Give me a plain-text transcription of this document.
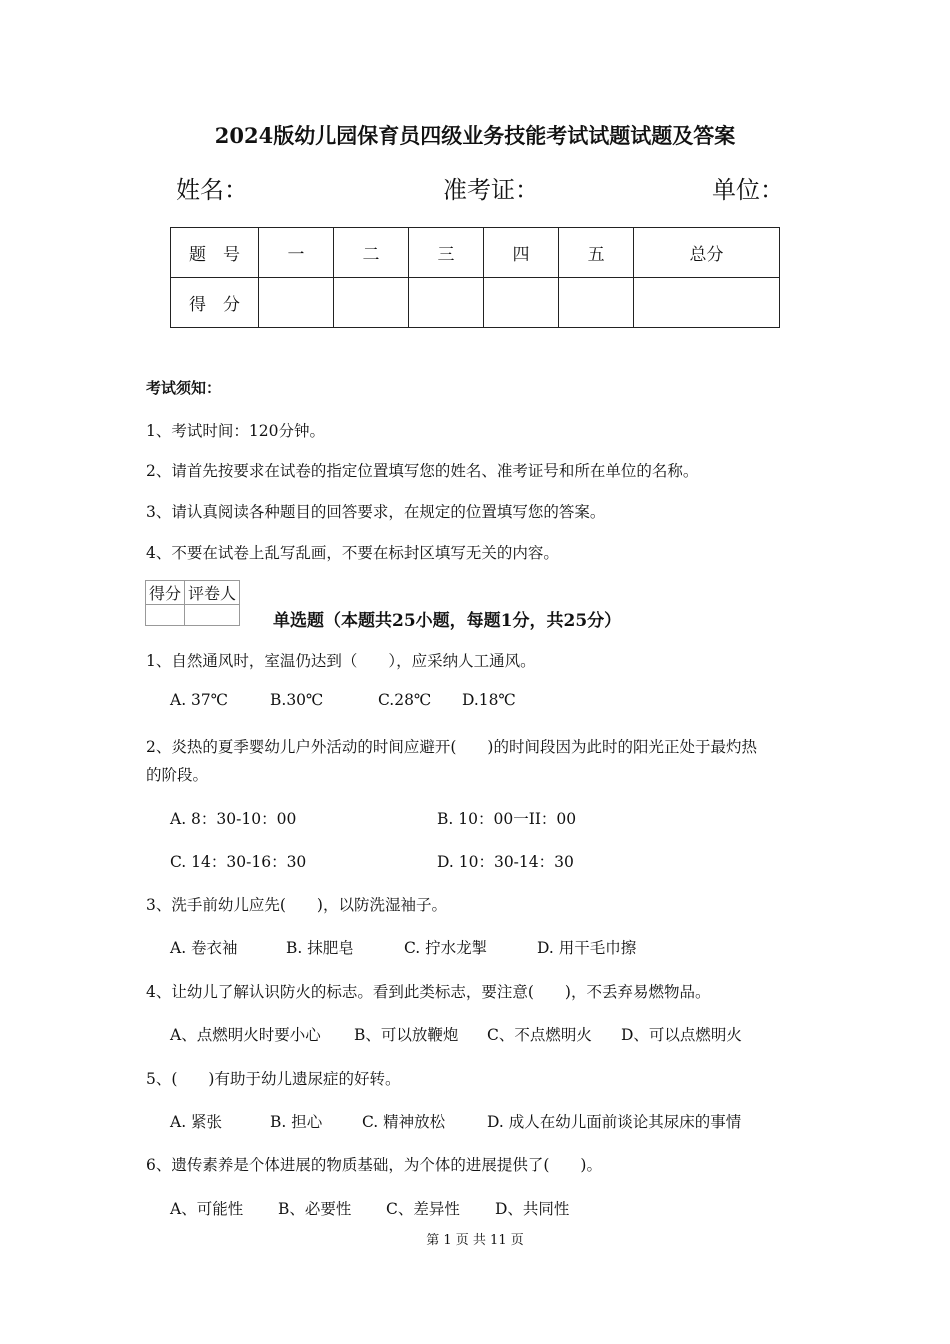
2024版幼儿园保育员四级业务技能考试试题试题及答案
姓名：	准考证：	单位：
题　号	一	二	三	四	五	总分
得　分						
考试须知：
1、考试时间：120分钟。
2、请首先按要求在试卷的指定位置填写您的姓名、准考证号和所在单位的名称。
3、请认真阅读各种题目的回答要求，在规定的位置填写您的答案。
4、不要在试卷上乱写乱画，不要在标封区填写无关的内容。
得分	评卷人

单选题（本题共25小题，每题1分，共25分）
1、自然通风时，室温仍达到（　　），应采纳人工通风。
A. 37℃	B.30℃	C.28℃ D.18℃
2、炎热的夏季婴幼儿户外活动的时间应避开(　　)的时间段因为此时的阳光正处于最灼热
的阶段。
A. 8：30-10：00	B. 10：00一II：00
C. 14：30-16：30	D. 10：30-14：30
3、洗手前幼儿应先(　　)，以防洗湿袖子。
A. 卷衣袖	B. 抹肥皂	C. 拧水龙掣	D. 用干毛巾擦
4、让幼儿了解认识防火的标志。看到此类标志，要注意(　　)，不丢弃易燃物品。
A、点燃明火时要小心 B、可以放鞭炮 C、不点燃明火 D、可以点燃明火
5、(　　)有助于幼儿遗尿症的好转。
A. 紧张	B. 担心	C. 精神放松	D. 成人在幼儿面前谈论其尿床的事情
6、遗传素养是个体进展的物质基础，为个体的进展提供了(　　)。
A、可能性 B、必要性 C、差异性 D、共同性
第 1 页 共 11 页
